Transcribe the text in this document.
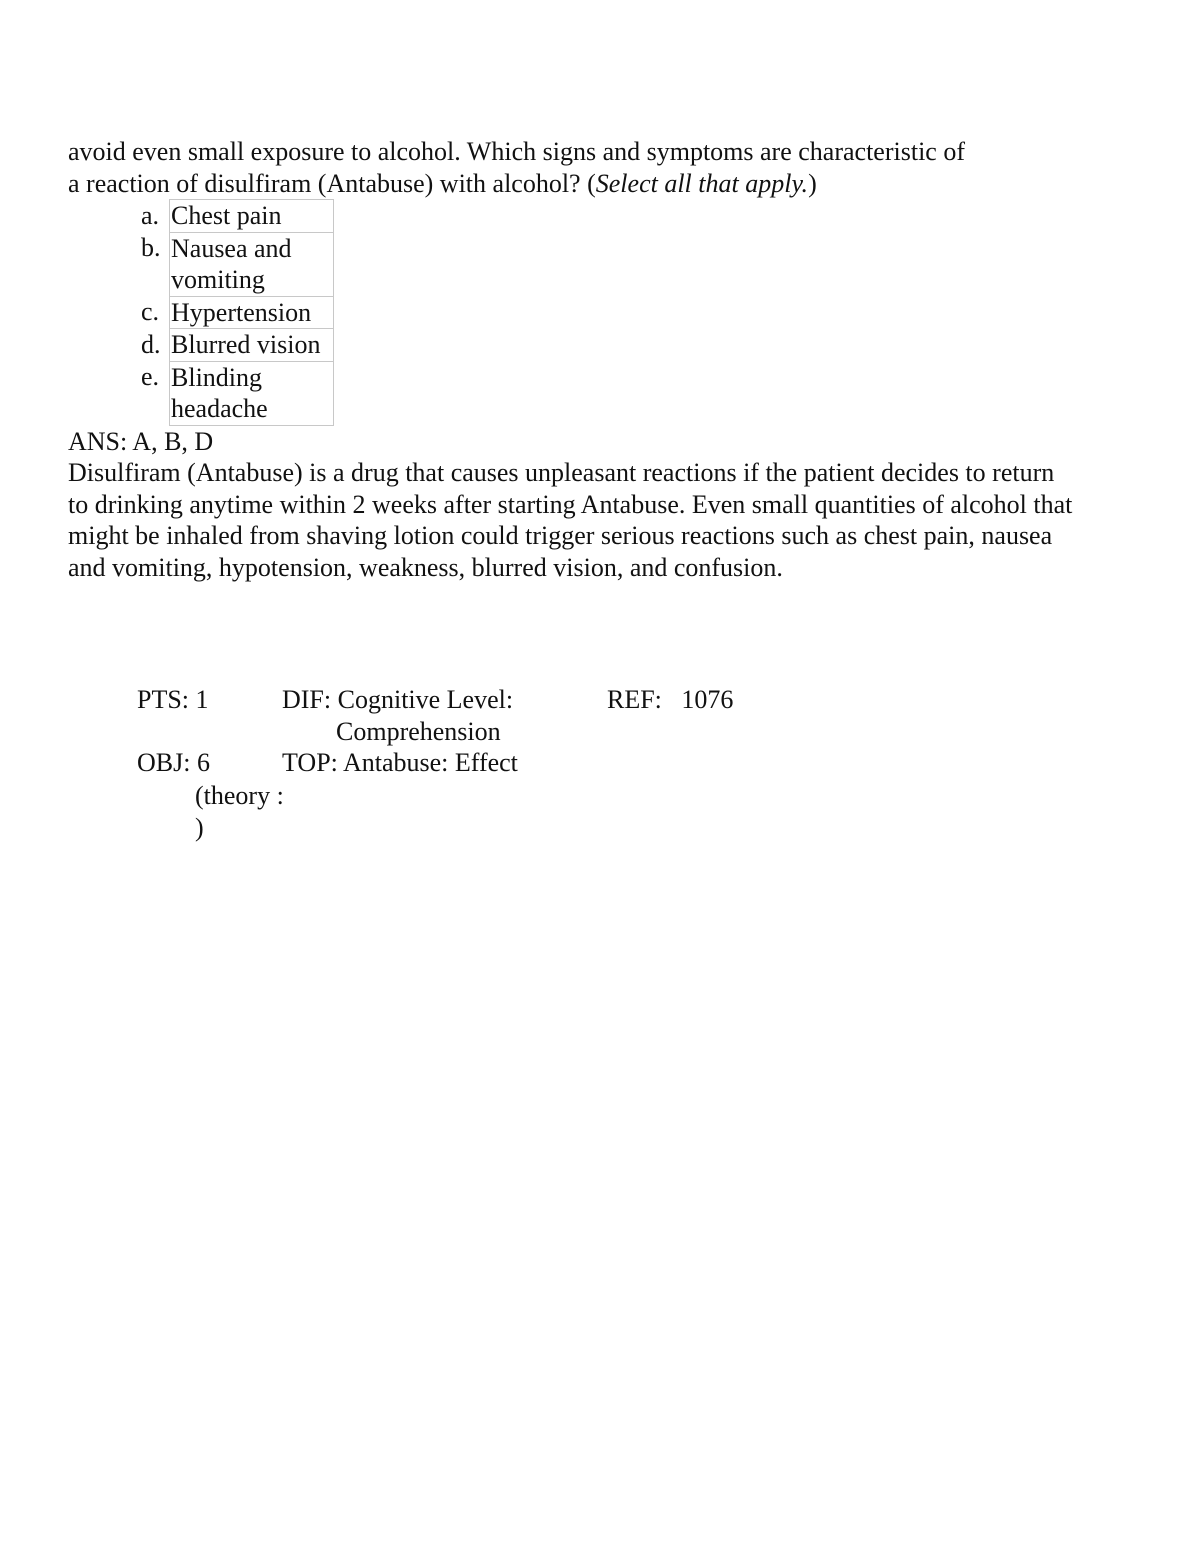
avoid even small exposure to alcohol. Which signs and symptoms are characteristic of

a reaction of disulfiram (Antabuse) with alcohol? (Select all that apply.)

a.	Chest pain
b.	Nausea and vomiting
c.	Hypertension
d.	Blurred vision
e.	Blinding headache

ANS: A, B, D

Disulfiram (Antabuse) is a drug that causes unpleasant reactions if the patient decides to return to drinking anytime within 2 weeks after starting Antabuse. Even small quantities of alcohol that might be inhaled from shaving lotion could trigger serious reactions such as chest pain, nausea and vomiting, hypotension, weakness, blurred vision, and confusion.

PTS: 1	DIF: Cognitive Level:
Comprehension
REF: 1076
OBJ: 6	TOP: Antabuse: Effect
(theory :
)
